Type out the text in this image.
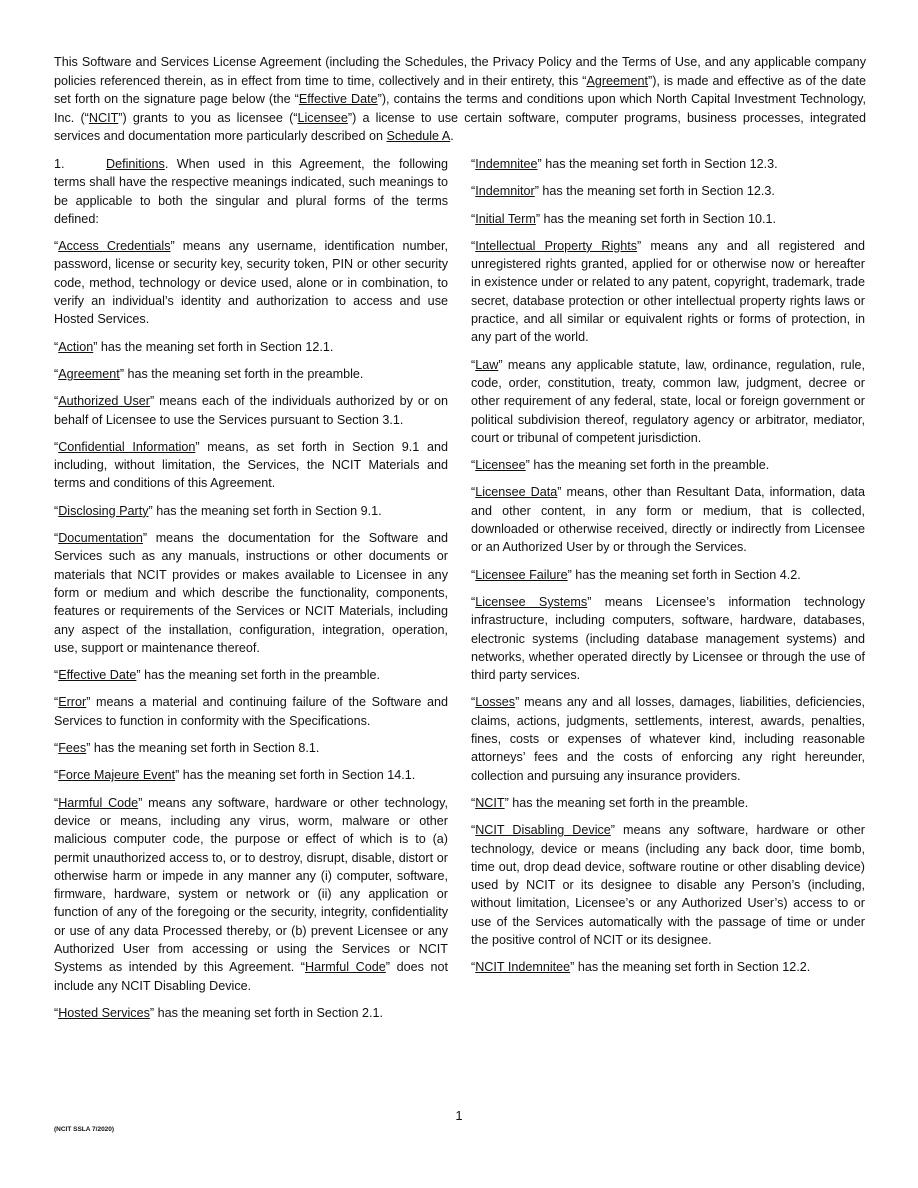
This Software and Services License Agreement (including the Schedules, the Privacy Policy and the Terms of Use, and any applicable company policies referenced therein, as in effect from time to time, collectively and in their entirety, this “Agreement”), is made and effective as of the date set forth on the signature page below (the “Effective Date”), contains the terms and conditions upon which North Capital Investment Technology, Inc. (“NCIT”) grants to you as licensee (“Licensee”) a license to use certain software, computer programs, business processes, integrated services and documentation more particularly described on Schedule A.

1.	Definitions. When used in this Agreement, the following terms shall have the respective meanings indicated, such meanings to be applicable to both the singular and plural forms of the terms defined:

“Access Credentials” means any username, identification number, password, license or security key, security token, PIN or other security code, method, technology or device used, alone or in combination, to verify an individual’s identity and authorization to access and use Hosted Services.

“Action” has the meaning set forth in Section 12.1.

“Agreement” has the meaning set forth in the preamble.

“Authorized User” means each of the individuals authorized by or on behalf of Licensee to use the Services pursuant to Section 3.1.

“Confidential Information” means, as set forth in Section 9.1 and including, without limitation, the Services, the NCIT Materials and terms and conditions of this Agreement.

“Disclosing Party” has the meaning set forth in Section 9.1.

“Documentation” means the documentation for the Software and Services such as any manuals, instructions or other documents or materials that NCIT provides or makes available to Licensee in any form or medium and which describe the functionality, components, features or requirements of the Services or NCIT Materials, including any aspect of the installation, configuration, integration, operation, use, support or maintenance thereof.

“Effective Date” has the meaning set forth in the preamble.

“Error” means a material and continuing failure of the Software and Services to function in conformity with the Specifications.

“Fees” has the meaning set forth in Section 8.1.

“Force Majeure Event” has the meaning set forth in Section 14.1.

“Harmful Code” means any software, hardware or other technology, device or means, including any virus, worm, malware or other malicious computer code, the purpose or effect of which is to (a) permit unauthorized access to, or to destroy, disrupt, disable, distort or otherwise harm or impede in any manner any (i) computer, software, firmware, hardware, system or network or (ii) any application or function of any of the foregoing or the security, integrity, confidentiality or use of any data Processed thereby, or (b) prevent Licensee or any Authorized User from accessing or using the Services or NCIT Systems as intended by this Agreement. “Harmful Code” does not include any NCIT Disabling Device.

“Hosted Services” has the meaning set forth in Section 2.1.

“Indemnitee” has the meaning set forth in Section 12.3.

“Indemnitor” has the meaning set forth in Section 12.3.

“Initial Term” has the meaning set forth in Section 10.1.

“Intellectual Property Rights” means any and all registered and unregistered rights granted, applied for or otherwise now or hereafter in existence under or related to any patent, copyright, trademark, trade secret, database protection or other intellectual property rights laws or practice, and all similar or equivalent rights or forms of protection, in any part of the world.

“Law” means any applicable statute, law, ordinance, regulation, rule, code, order, constitution, treaty, common law, judgment, decree or other requirement of any federal, state, local or foreign government or political subdivision thereof, regulatory agency or arbitrator, mediator, court or tribunal of competent jurisdiction.

“Licensee” has the meaning set forth in the preamble.

“Licensee Data” means, other than Resultant Data, information, data and other content, in any form or medium, that is collected, downloaded or otherwise received, directly or indirectly from Licensee or an Authorized User by or through the Services.

“Licensee Failure” has the meaning set forth in Section 4.2.

“Licensee Systems” means Licensee’s information technology infrastructure, including computers, software, hardware, databases, electronic systems (including database management systems) and networks, whether operated directly by Licensee or through the use of third party services.

“Losses” means any and all losses, damages, liabilities, deficiencies, claims, actions, judgments, settlements, interest, awards, penalties, fines, costs or expenses of whatever kind, including reasonable attorneys’ fees and the costs of enforcing any right hereunder, collection and pursuing any insurance providers.

“NCIT” has the meaning set forth in the preamble.

“NCIT Disabling Device” means any software, hardware or other technology, device or means (including any back door, time bomb, time out, drop dead device, software routine or other disabling device) used by NCIT or its designee to disable any Person’s (including, without limitation, Licensee’s or any Authorized User’s) access to or use of the Services automatically with the passage of time or under the positive control of NCIT or its designee.

“NCIT Indemnitee” has the meaning set forth in Section 12.2.

1
(NCIT SSLA 7/2020)
